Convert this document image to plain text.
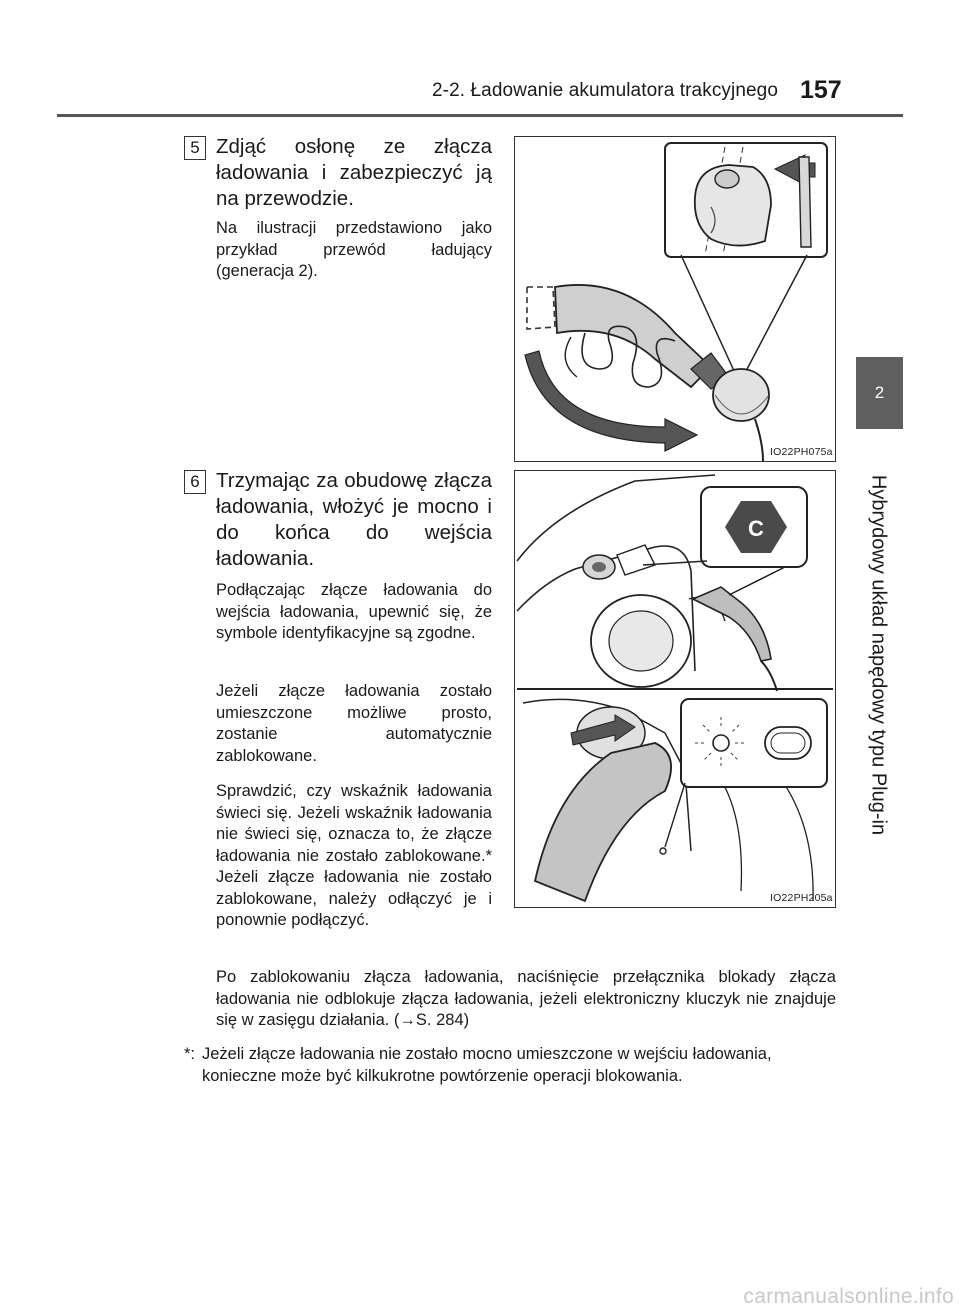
2-2. Ładowanie akumulatora trakcyjnego 157
2
Hybrydowy układ napędowy typu Plug-in
5 Zdjąć osłonę ze złącza ładowania i zabezpieczyć ją na przewodzie.
Na ilustracji przedstawiono jako przykład przewód ładujący (generacja 2).
IO22PH075a
6 Trzymając za obudowę złącza ładowania, włożyć je mocno i do końca do wejścia ładowania.
Podłączając złącze ładowania do wejścia ładowania, upewnić się, że symbole identyfikacyjne są zgodne.
Jeżeli złącze ładowania zostało umieszczone możliwe prosto, zostanie automatycznie zablokowane.
Sprawdzić, czy wskaźnik ładowania świeci się. Jeżeli wskaźnik ładowania nie świeci się, oznacza to, że złącze ładowania nie zostało zablokowane.* Jeżeli złącze ładowania nie zostało zablokowane, należy odłączyć je i ponownie podłączyć.
Po zablokowaniu złącza ładowania, naciśnięcie przełącznika blokady złącza ładowania nie odblokuje złącza ładowania, jeżeli elektroniczny kluczyk nie znajduje się w zasięgu działania. (→S. 284)
C
IO22PH205a
*: Jeżeli złącze ładowania nie zostało mocno umieszczone w wejściu ładowania, konieczne może być kilkukrotne powtórzenie operacji blokowania.
carmanualsonline.info
